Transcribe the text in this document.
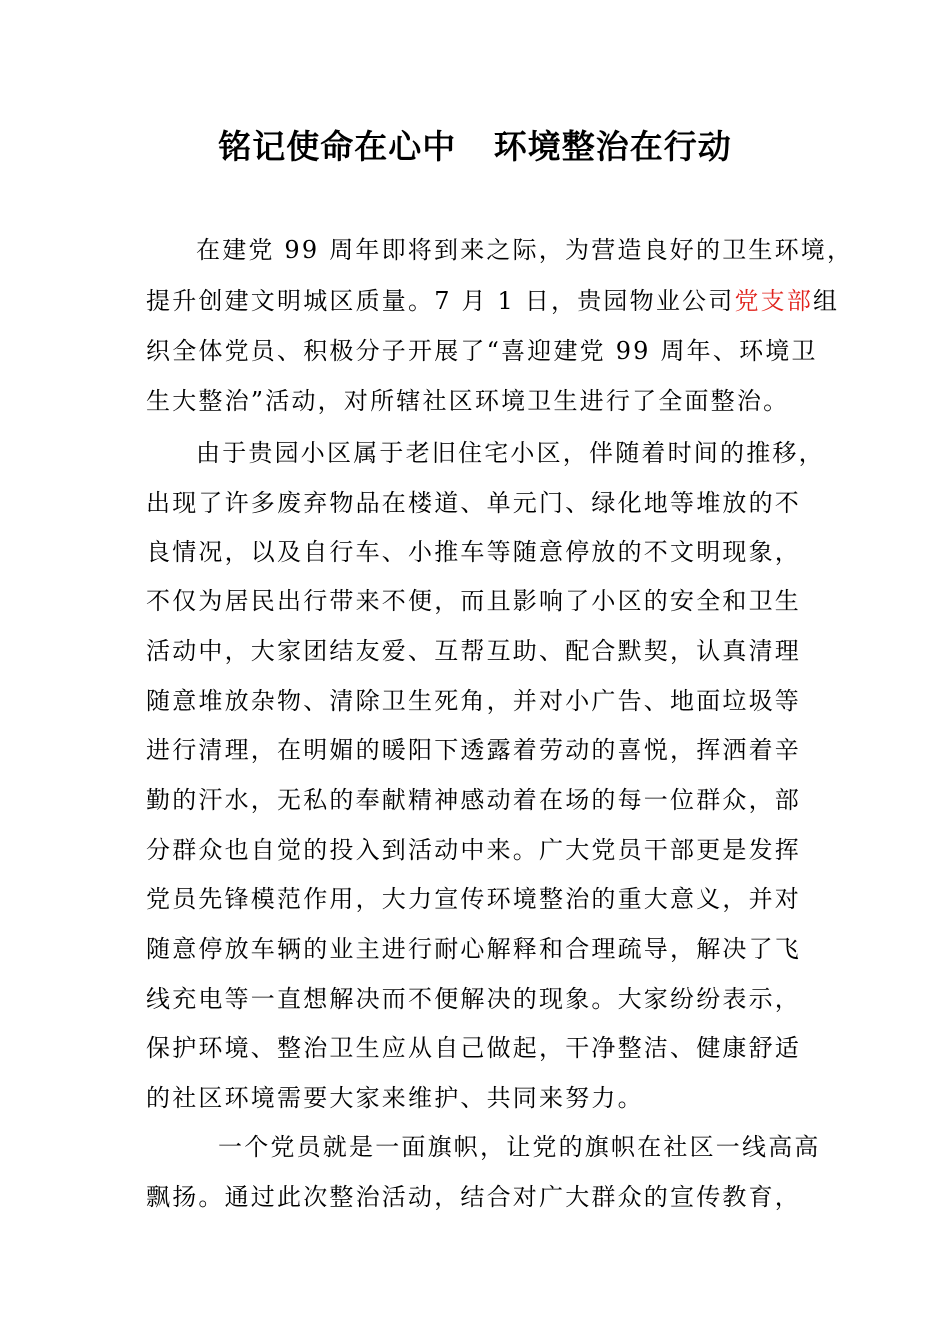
铭记使命在心中   环境整治在行动
在建党 99 周年即将到来之际，为营造良好的卫生环境，
提升创建文明城区质量。7 月 1 日，贵园物业公司党支部组
织全体党员、积极分子开展了“喜迎建党 99 周年、环境卫
生大整治”活动，对所辖社区环境卫生进行了全面整治。
由于贵园小区属于老旧住宅小区，伴随着时间的推移，
出现了许多废弃物品在楼道、单元门、绿化地等堆放的不
良情况，以及自行车、小推车等随意停放的不文明现象，
不仅为居民出行带来不便，而且影响了小区的安全和卫生
活动中，大家团结友爱、互帮互助、配合默契，认真清理
随意堆放杂物、清除卫生死角，并对小广告、地面垃圾等
进行清理，在明媚的暖阳下透露着劳动的喜悦，挥洒着辛
勤的汗水，无私的奉献精神感动着在场的每一位群众，部
分群众也自觉的投入到活动中来。广大党员干部更是发挥
党员先锋模范作用，大力宣传环境整治的重大意义，并对
随意停放车辆的业主进行耐心解释和合理疏导，解决了飞
线充电等一直想解决而不便解决的现象。大家纷纷表示，
保护环境、整治卫生应从自己做起，干净整洁、健康舒适
的社区环境需要大家来维护、共同来努力。
一个党员就是一面旗帜，让党的旗帜在社区一线高高
飘扬。通过此次整治活动，结合对广大群众的宣传教育，
